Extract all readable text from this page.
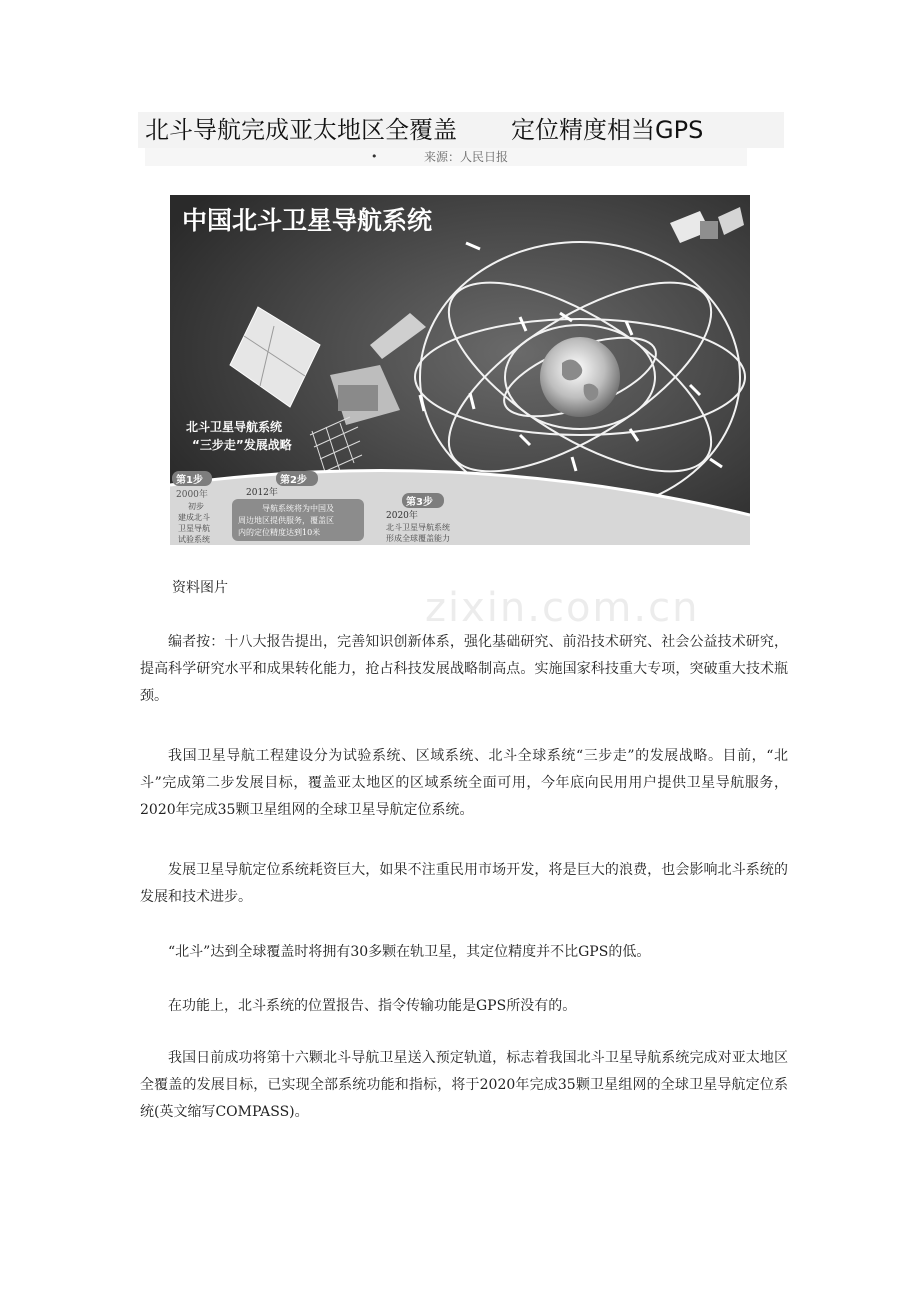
北斗导航完成亚太地区全覆盖 定位精度相当GPS
•	来源：人民日报
中国北斗卫星导航系统
北斗卫星导航系统
“三步走”发展战略
第1步
2000年
初步
建成北斗
卫星导航
试验系统
第2步
2012年
导航系统将为中国及
周边地区提供服务，覆盖区
内的定位精度达到10米
第3步
2020年
北斗卫星导航系统
形成全球覆盖能力
zixin.com.cn
资料图片

编者按：十八大报告提出，完善知识创新体系，强化基础研究、前沿技术研究、社会公益技术研究，提高科学研究水平和成果转化能力，抢占科技发展战略制高点。实施国家科技重大专项，突破重大技术瓶颈。

我国卫星导航工程建设分为试验系统、区域系统、北斗全球系统“三步走”的发展战略。目前，“北斗”完成第二步发展目标，覆盖亚太地区的区域系统全面可用，今年底向民用用户提供卫星导航服务，2020年完成35颗卫星组网的全球卫星导航定位系统。

发展卫星导航定位系统耗资巨大，如果不注重民用市场开发，将是巨大的浪费，也会影响北斗系统的发展和技术进步。

“北斗”达到全球覆盖时将拥有30多颗在轨卫星，其定位精度并不比GPS的低。

在功能上，北斗系统的位置报告、指令传输功能是GPS所没有的。

我国日前成功将第十六颗北斗导航卫星送入预定轨道，标志着我国北斗卫星导航系统完成对亚太地区全覆盖的发展目标，已实现全部系统功能和指标，将于2020年完成35颗卫星组网的全球卫星导航定位系统(英文缩写COMPASS)。
